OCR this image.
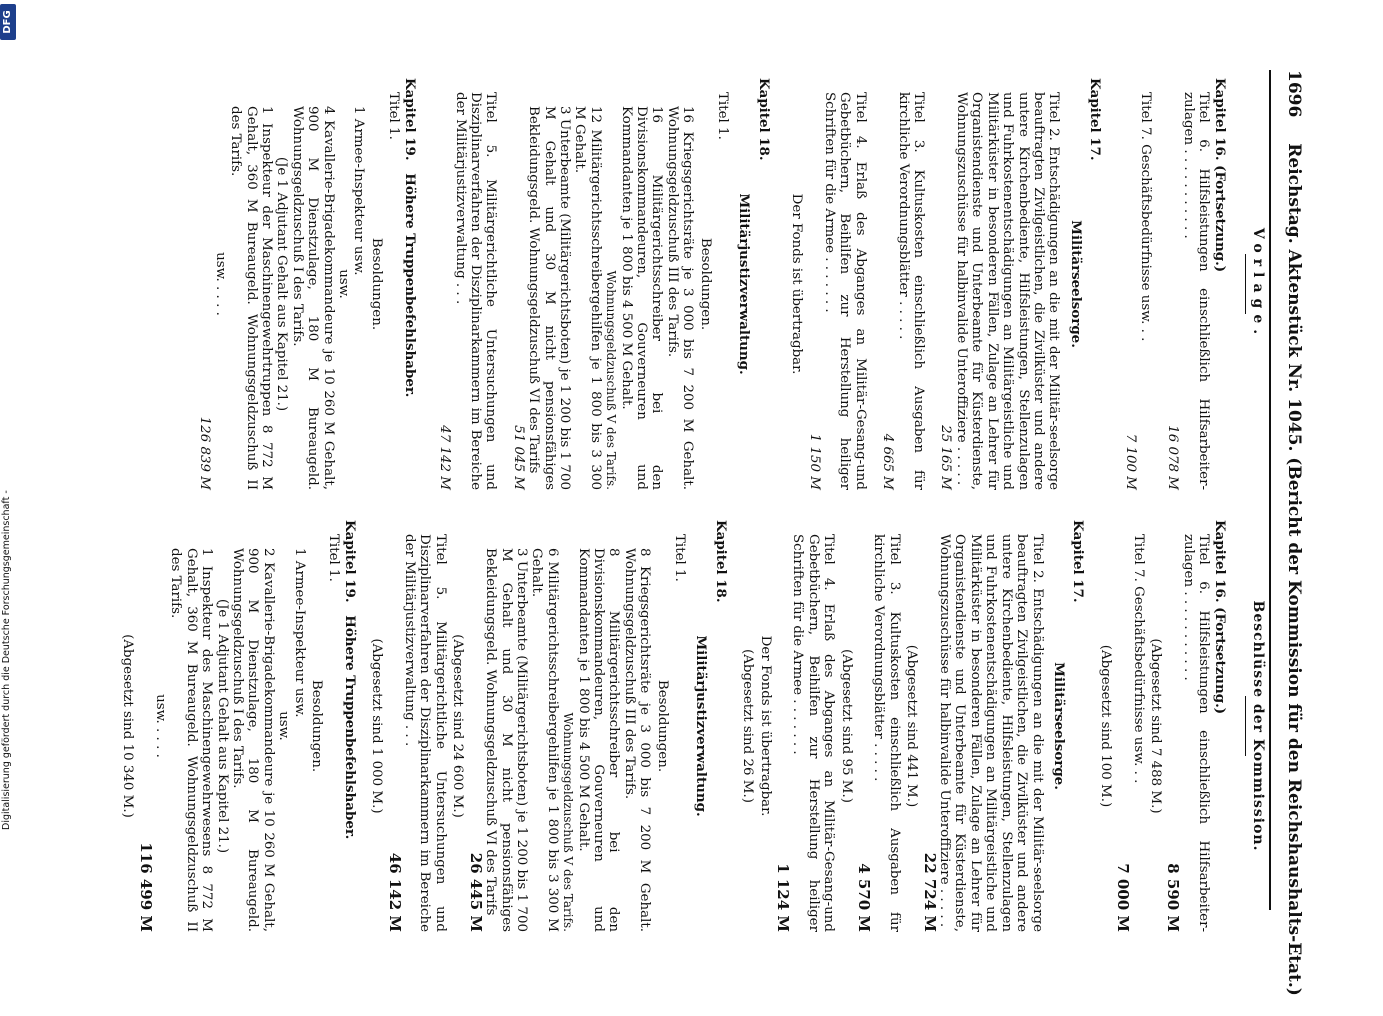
1696 Reichstag. Aktenstück Nr. 1045. (Bericht der Kommission für den Reichshaushalts-Etat.)
Vorlage.

Kapitel 16. (Fortsetzung.)

Titel 6. Hilfsleistungen einschließlich Hilfsarbeiter-zulagen . . . . . . . . . . .

16 078 M

Titel 7. Geschäftsbedürfnisse usw. . .

7 100 M

Kapitel 17.

Militärseelsorge.

Titel 2. Entschädigungen an die mit der Militär-seelsorge beauftragten Zivilgeistlichen, die Zivilküster und andere untere Kirchenbediente, Hilfsleistungen, Stellenzulagen und Fuhrkostenentschädigungen an Militärgeistliche und Militärküster in besonderen Fällen, Zulage an Lehrer für Organistendienste und Unterbeamte für Küsterdienste, Wohnungszuschüsse für halbinvalide Unteroffiziere . . . . .

25 165 M

Titel 3. Kultuskosten einschließlich Ausgaben für kirchliche Verordnungsblätter . . . . .

4 665 M

Titel 4. Erlaß des Abganges an Militär-Gesang-und Gebetbüchern, Beihilfen zur Herstellung heiliger Schriften für die Armee . . . . . . .

1 150 M
Der Fonds ist übertragbar.

Kapitel 18.

Militärjustizverwaltung.

Titel 1.

Besoldungen.

16 Kriegsgerichtsräte je 3 000 bis 7 200 M Gehalt. Wohnungsgeldzuschuß III des Tarifs.

16 Militärgerichtsschreiber bei den Divisionskommandeuren, Gouverneuren und Kommandanten je 1 800 bis 4 500 M Gehalt.

Wohnungsgeldzuschuß V des Tarifs.

12 Militärgerichtsschreibergehilfen je 1 800 bis 3 300 M Gehalt.

3 Unterbeamte (Militärgerichtsboten) je 1 200 bis 1 700 M Gehalt und 30 M nicht pensionsfähiges Bekleidungsgeld. Wohnungsgeldzuschuß VI des Tarifs

51 045 M

Titel 5. Militärgerichtliche Untersuchungen und Disziplinarverfahren der Disziplinarkammern im Bereiche der Militärjustizverwaltung . . .

47 142 M

Kapitel 19. Höhere Truppenbefehlshaber.

Titel 1.

Besoldungen.

1 Armee-Inspekteur usw.

usw.

4 Kavallerie-Brigadekommandeure je 10 260 M Gehalt, 900 M Dienstzulage, 180 M Bureaugeld. Wohnungsgeldzuschuß I des Tarifs.

(Je 1 Adjutant Gehalt aus Kapitel 21.)

1 Inspekteur der Maschinengewehrtruppen 8 772 M Gehalt, 360 M Bureaugeld. Wohnungsgeldzuschuß II des Tarifs.

usw. . . . .
126 839 M
Beschlüsse der Kommission.

Kapitel 16. (Fortsetzung.)

Titel 6. Hilfsleistungen einschließlich Hilfsarbeiter-zulagen . . . . . . . . . . .

8 590 M
(Abgesetzt sind 7 488 M.)

Titel 7. Geschäftsbedürfnisse usw. . .

7 000 M
(Abgesetzt sind 100 M.)

Kapitel 17.

Militärseelsorge.

Titel 2. Entschädigungen an die mit der Militär-seelsorge beauftragten Zivilgeistlichen, die Zivilküster und andere untere Kirchenbediente, Hilfsleistungen, Stellenzulagen und Fuhrkostenentschädigungen an Militärgeistliche und Militärküster in besonderen Fällen, Zulage an Lehrer für Organistendienste und Unterbeamte für Küsterdienste, Wohnungszuschüsse für halbinvalide Unteroffiziere . . . . .

22 724 M
(Abgesetzt sind 441 M.)

Titel 3. Kultuskosten einschließlich Ausgaben für kirchliche Verordnungsblätter . . . . .

4 570 M
(Abgesetzt sind 95 M.)

Titel 4. Erlaß des Abganges an Militär-Gesang-und Gebetbüchern, Beihilfen zur Herstellung heiliger Schriften für die Armee . . . . . . .

1 124 M
Der Fonds ist übertragbar.
(Abgesetzt sind 26 M.)

Kapitel 18.

Militärjustizverwaltung.

Titel 1.

Besoldungen.

8 Kriegsgerichtsräte je 3 000 bis 7 200 M Gehalt. Wohnungsgeldzuschuß III des Tarifs.

8 Militärgerichtsschreiber bei den Divisionskommandeuren, Gouverneuren und Kommandanten je 1 800 bis 4 500 M Gehalt.

Wohnungsgeldzuschuß V des Tarifs.

6 Militärgerichtsschreibergehilfen je 1 800 bis 3 300 M Gehalt.

3 Unterbeamte (Militärgerichtsboten) je 1 200 bis 1 700 M Gehalt und 30 M nicht pensionsfähiges Bekleidungsgeld. Wohnungsgeldzuschuß VI des Tarifs

26 445 M
(Abgesetzt sind 24 600 M.)

Titel 5. Militärgerichtliche Untersuchungen und Disziplinarverfahren der Disziplinarkammern im Bereiche der Militärjustizverwaltung . . .

46 142 M
(Abgesetzt sind 1 000 M.)

Kapitel 19. Höhere Truppenbefehlshaber.

Titel 1.

Besoldungen.

1 Armee-Inspekteur usw.

usw.

2 Kavallerie-Brigadekommandeure je 10 260 M Gehalt, 900 M Dienstzulage, 180 M Bureaugeld. Wohnungsgeldzuschuß I des Tarifs.

(Je 1 Adjutant Gehalt aus Kapitel 21.)

1 Inspekteur des Maschinengewehrwesens 8 772 M Gehalt, 360 M Bureaugeld. Wohnungsgeldzuschuß II des Tarifs.

usw. . . . .
116 499 M
(Abgesetzt sind 10 340 M.)
Digitalisierung gefördert durch die Deutsche Forschungsgemeinschaft -
DFG
